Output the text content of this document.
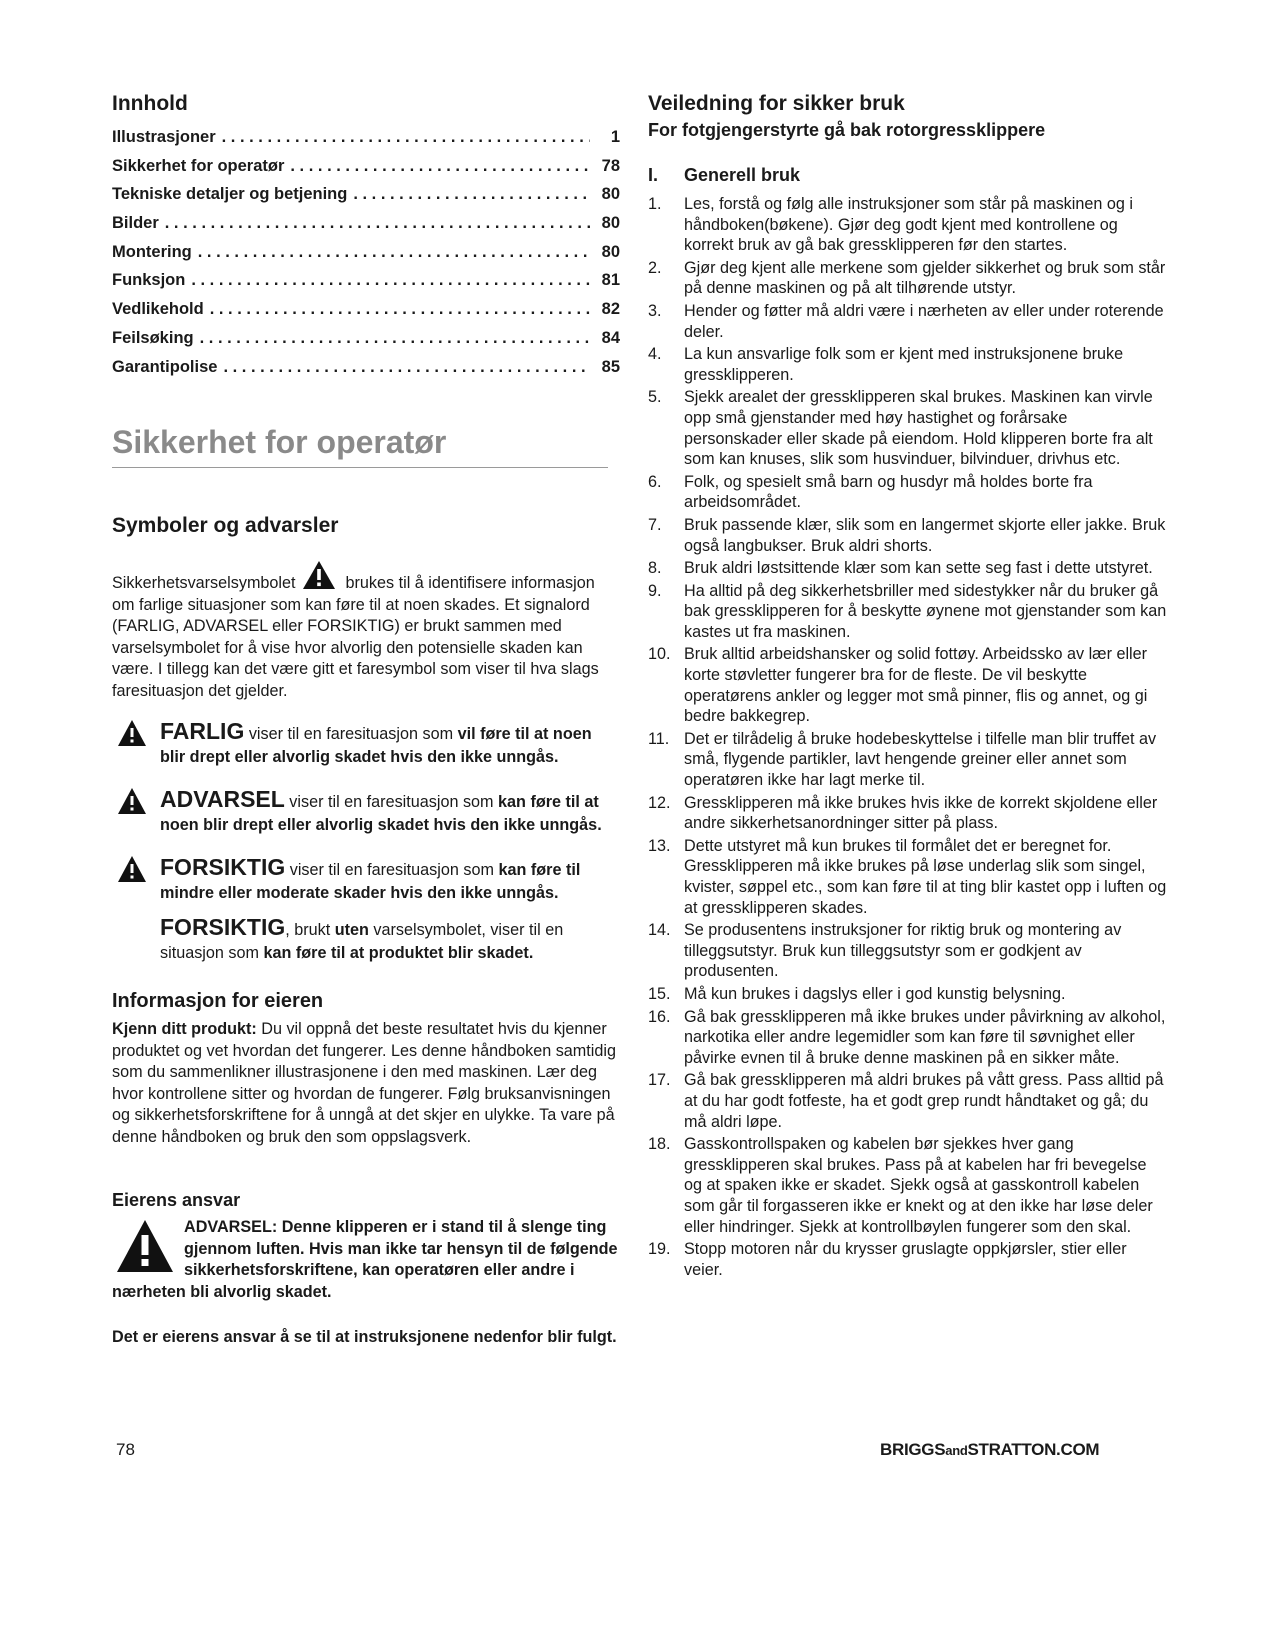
Innhold
Illustrasjoner . . .	1
Sikkerhet for operatør . . .	78
Tekniske detaljer og betjening . . .	80
Bilder . . .	80
Montering . . .	80
Funksjon . . .	81
Vedlikehold . . .	82
Feilsøking . . .	84
Garantipolise . . .	85
Sikkerhet for operatør
Symboler og advarsler

Sikkerhetsvarselsymbolet	brukes til å identifisere informasjon om farlige situasjoner som kan føre til at noen skades. Et signalord (FARLIG, ADVARSEL eller FORSIKTIG) er brukt sammen med varselsymbolet for å vise hvor alvorlig den potensielle skaden kan være. I tillegg kan det være gitt et faresymbol som viser til hva slags faresituasjon det gjelder.

FARLIG viser til en faresituasjon som vil føre til at noen blir drept eller alvorlig skadet hvis den ikke unngås.
ADVARSEL viser til en faresituasjon som kan føre til at noen blir drept eller alvorlig skadet hvis den ikke unngås.
FORSIKTIG viser til en faresituasjon som kan føre til mindre eller moderate skader hvis den ikke unngås.
FORSIKTIG, brukt uten varselsymbolet, viser til en situasjon som kan føre til at produktet blir skadet.
Informasjon for eieren

Kjenn ditt produkt: Du vil oppnå det beste resultatet hvis du kjenner produktet og vet hvordan det fungerer. Les denne håndboken samtidig som du sammenlikner illustrasjonene i den med maskinen. Lær deg hvor kontrollene sitter og hvordan de fungerer. Følg bruksanvisningen og sikkerhetsforskriftene for å unngå at det skjer en ulykke. Ta vare på denne håndboken og bruk den som oppslagsverk.

Eierens ansvar
ADVARSEL: Denne klipperen er i stand til å slenge ting gjennom luften. Hvis man ikke tar hensyn til de følgende sikkerhetsforskriftene, kan operatøren eller andre i nærheten bli alvorlig skadet.

Det er eierens ansvar å se til at instruksjonene nedenfor blir fulgt.

Veiledning for sikker bruk
For fotgjengerstyrte gå bak rotorgressklippere
I. Generell bruk
1. Les, forstå og følg alle instruksjoner som står på maskinen og i håndboken(bøkene). Gjør deg godt kjent med kontrollene og korrekt bruk av gå bak gressklipperen før den startes.
2. Gjør deg kjent alle merkene som gjelder sikkerhet og bruk som står på denne maskinen og på alt tilhørende utstyr.
3. Hender og føtter må aldri være i nærheten av eller under roterende deler.
4. La kun ansvarlige folk som er kjent med instruksjonene bruke gressklipperen.
5. Sjekk arealet der gressklipperen skal brukes. Maskinen kan virvle opp små gjenstander med høy hastighet og forårsake personskader eller skade på eiendom. Hold klipperen borte fra alt som kan knuses, slik som husvinduer, bilvinduer, drivhus etc.
6. Folk, og spesielt små barn og husdyr må holdes borte fra arbeidsområdet.
7. Bruk passende klær, slik som en langermet skjorte eller jakke. Bruk også langbukser. Bruk aldri shorts.
8. Bruk aldri løstsittende klær som kan sette seg fast i dette utstyret.
9. Ha alltid på deg sikkerhetsbriller med sidestykker når du bruker gå bak gressklipperen for å beskytte øynene mot gjenstander som kan kastes ut fra maskinen.
10. Bruk alltid arbeidshansker og solid fottøy. Arbeidssko av lær eller korte støvletter fungerer bra for de fleste. De vil beskytte operatørens ankler og legger mot små pinner, flis og annet, og gi bedre bakkegrep.
11. Det er tilrådelig å bruke hodebeskyttelse i tilfelle man blir truffet av små, flygende partikler, lavt hengende greiner eller annet som operatøren ikke har lagt merke til.
12. Gressklipperen må ikke brukes hvis ikke de korrekt skjoldene eller andre sikkerhetsanordninger sitter på plass.
13. Dette utstyret må kun brukes til formålet det er beregnet for. Gressklipperen må ikke brukes på løse underlag slik som singel, kvister, søppel etc., som kan føre til at ting blir kastet opp i luften og at gressklipperen skades.
14. Se produsentens instruksjoner for riktig bruk og montering av tilleggsutstyr. Bruk kun tilleggsutstyr som er godkjent av produsenten.
15. Må kun brukes i dagslys eller i god kunstig belysning.
16. Gå bak gressklipperen må ikke brukes under påvirkning av alkohol, narkotika eller andre legemidler som kan føre til søvnighet eller påvirke evnen til å bruke denne maskinen på en sikker måte.
17. Gå bak gressklipperen må aldri brukes på vått gress. Pass alltid på at du har godt fotfeste, ha et godt grep rundt håndtaket og gå; du må aldri løpe.
18. Gasskontrollspaken og kabelen bør sjekkes hver gang gressklipperen skal brukes. Pass på at kabelen har fri bevegelse og at spaken ikke er skadet. Sjekk også at gasskontroll kabelen som går til forgasseren ikke er knekt og at den ikke har løse deler eller hindringer. Sjekk at kontrollbøylen fungerer som den skal.
19. Stopp motoren når du krysser gruslagte oppkjørsler, stier eller veier.
78	BRIGGSandSTRATTON.COM
